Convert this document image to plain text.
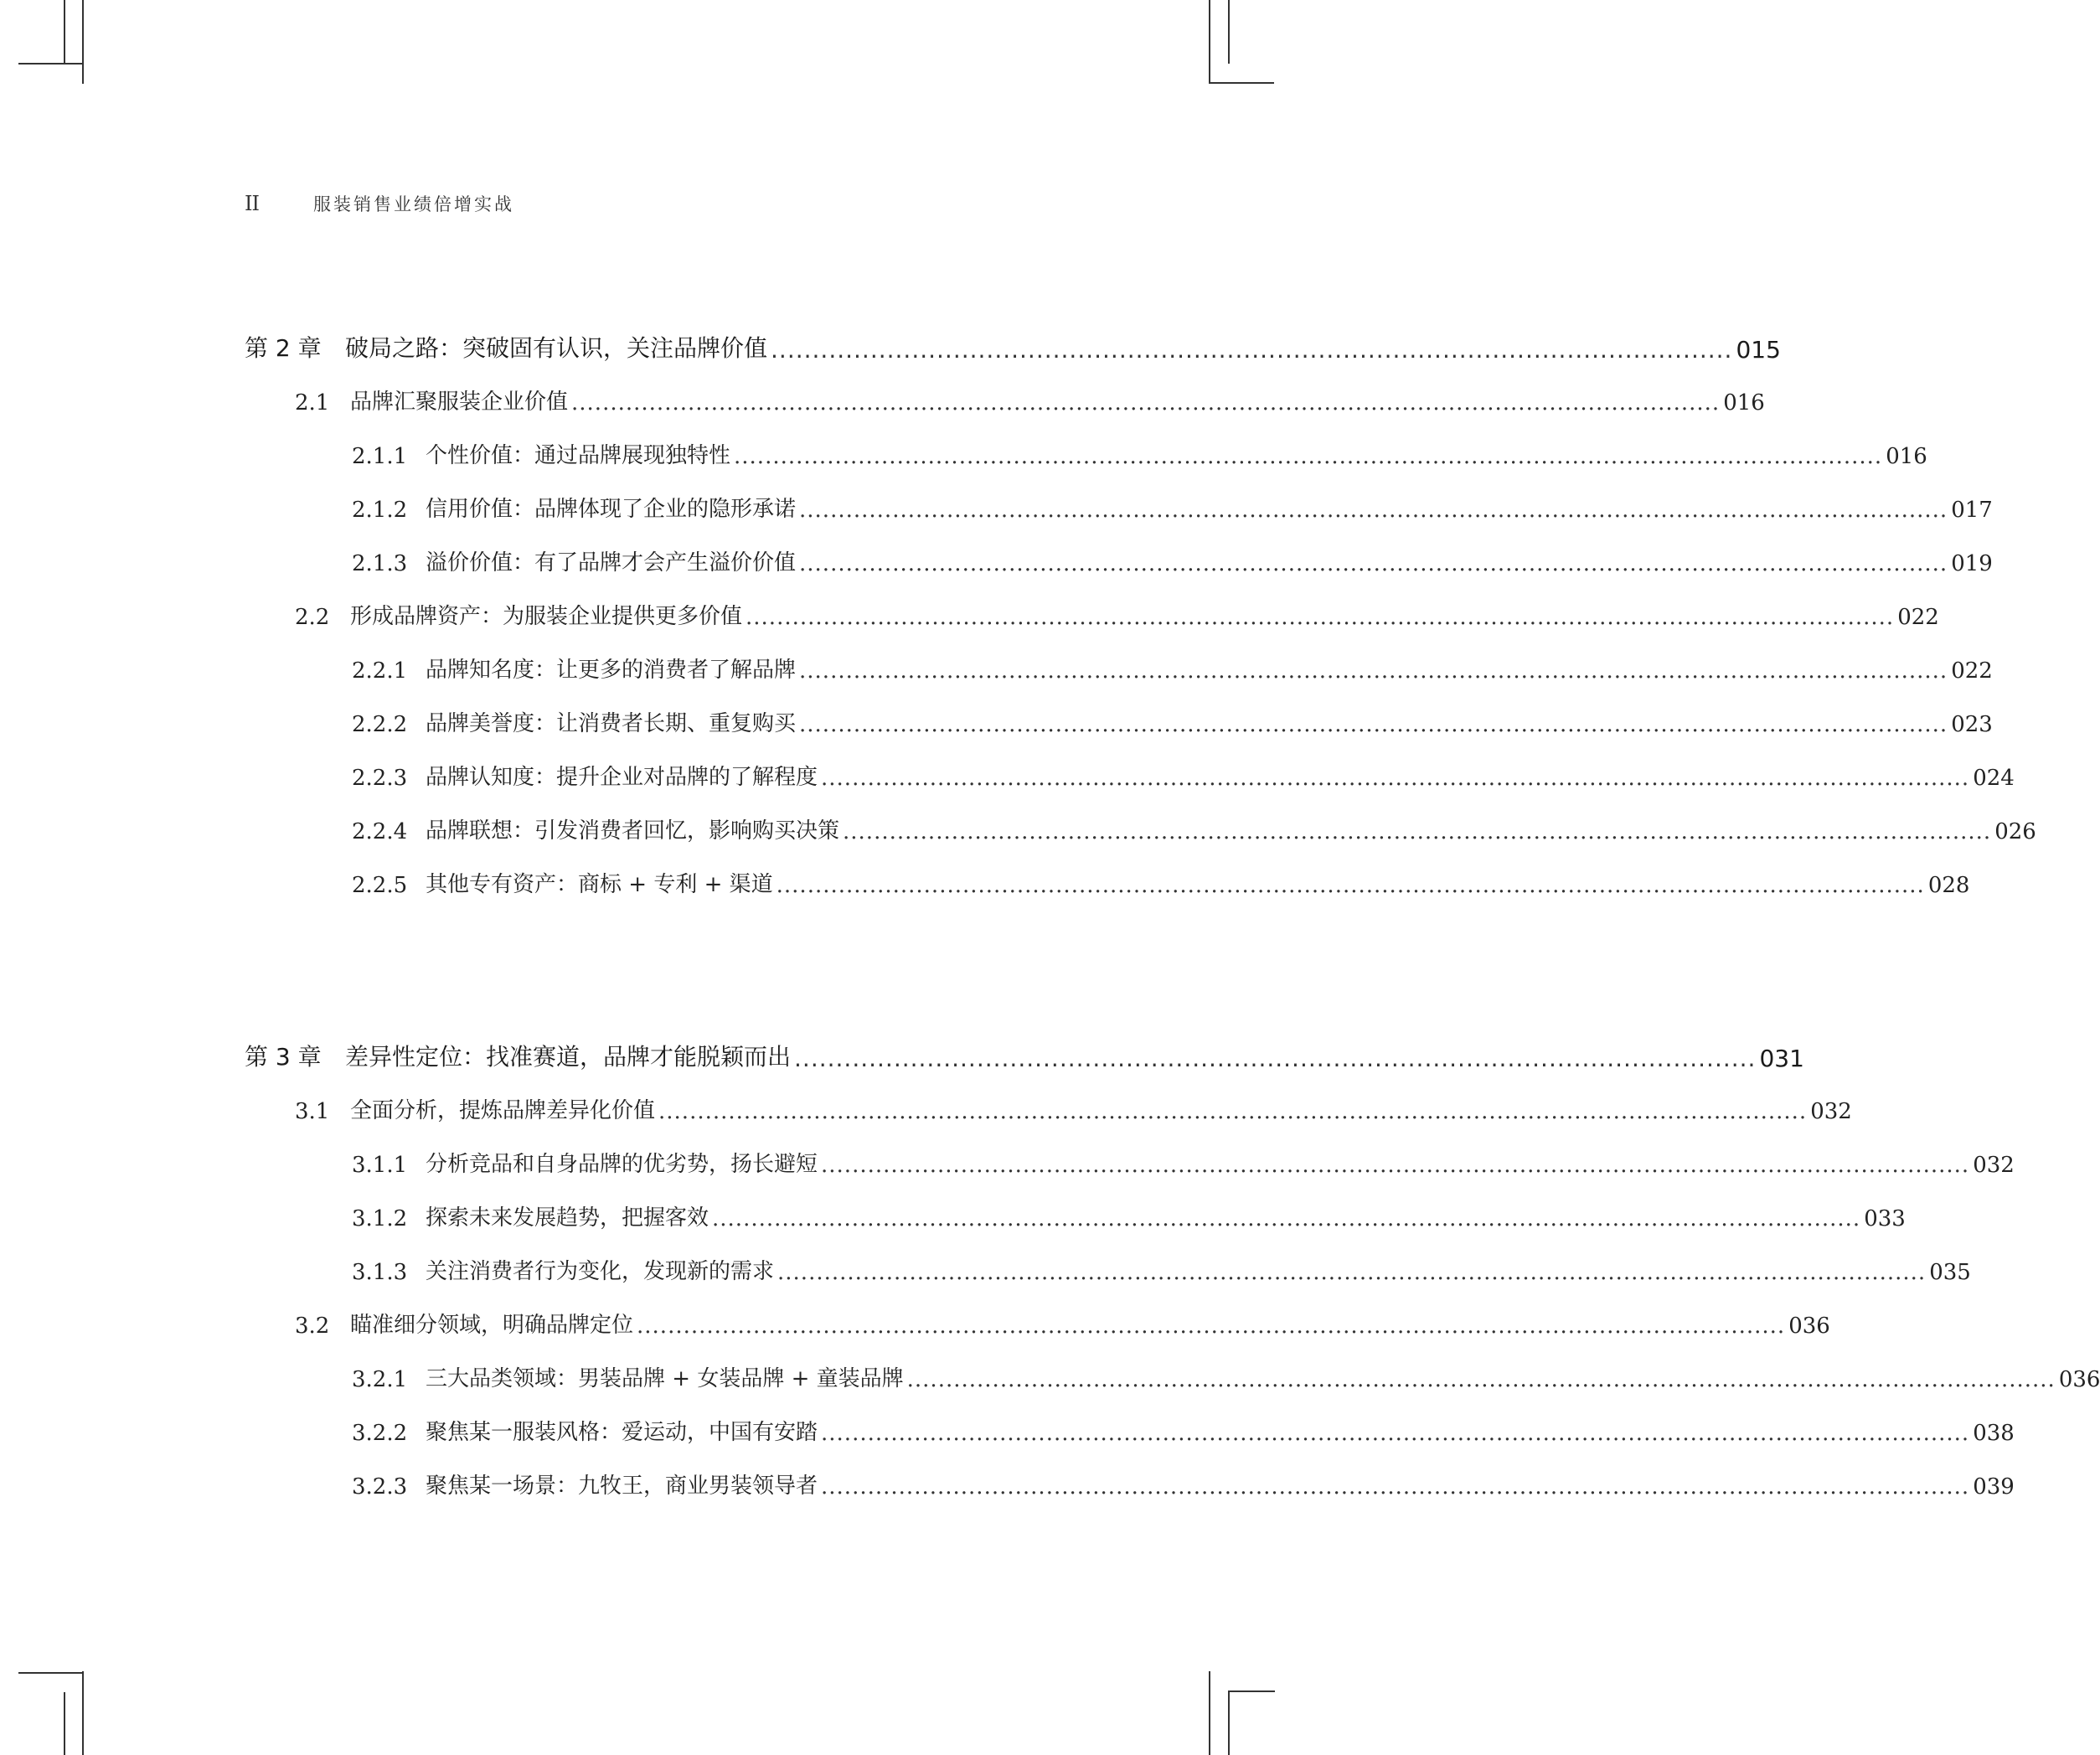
II	服装销售业绩倍增实战
第 2 章	破局之路：突破固有认识，关注品牌价值 .................................................................................................................... 015
2.1 品牌汇聚服装企业价值 .................................................................................................................................................... 016
2.1.1 个性价值：通过品牌展现独特性 .................................................................................................................................................... 016
2.1.2 信用价值：品牌体现了企业的隐形承诺 .................................................................................................................................................... 017
2.1.3 溢价价值：有了品牌才会产生溢价价值 .................................................................................................................................................... 019
2.2 形成品牌资产：为服装企业提供更多价值 .................................................................................................................................................... 022
2.2.1 品牌知名度：让更多的消费者了解品牌 .................................................................................................................................................... 022
2.2.2 品牌美誉度：让消费者长期、重复购买 .................................................................................................................................................... 023
2.2.3 品牌认知度：提升企业对品牌的了解程度 .................................................................................................................................................... 024
2.2.4 品牌联想：引发消费者回忆，影响购买决策 .................................................................................................................................................... 026
2.2.5 其他专有资产：商标 + 专利 + 渠道 .................................................................................................................................................... 028
第 3 章	差异性定位：找准赛道，品牌才能脱颖而出 .................................................................................................................... 031
3.1 全面分析，提炼品牌差异化价值 .................................................................................................................................................... 032
3.1.1 分析竞品和自身品牌的优劣势，扬长避短 .................................................................................................................................................... 032
3.1.2 探索未来发展趋势，把握客效 .................................................................................................................................................... 033
3.1.3 关注消费者行为变化，发现新的需求 .................................................................................................................................................... 035
3.2 瞄准细分领域，明确品牌定位 .................................................................................................................................................... 036
3.2.1 三大品类领域：男装品牌 + 女装品牌 + 童装品牌 .................................................................................................................................................... 036
3.2.2 聚焦某一服装风格：爱运动，中国有安踏 .................................................................................................................................................... 038
3.2.3 聚焦某一场景：九牧王，商业男装领导者 .................................................................................................................................................... 039
